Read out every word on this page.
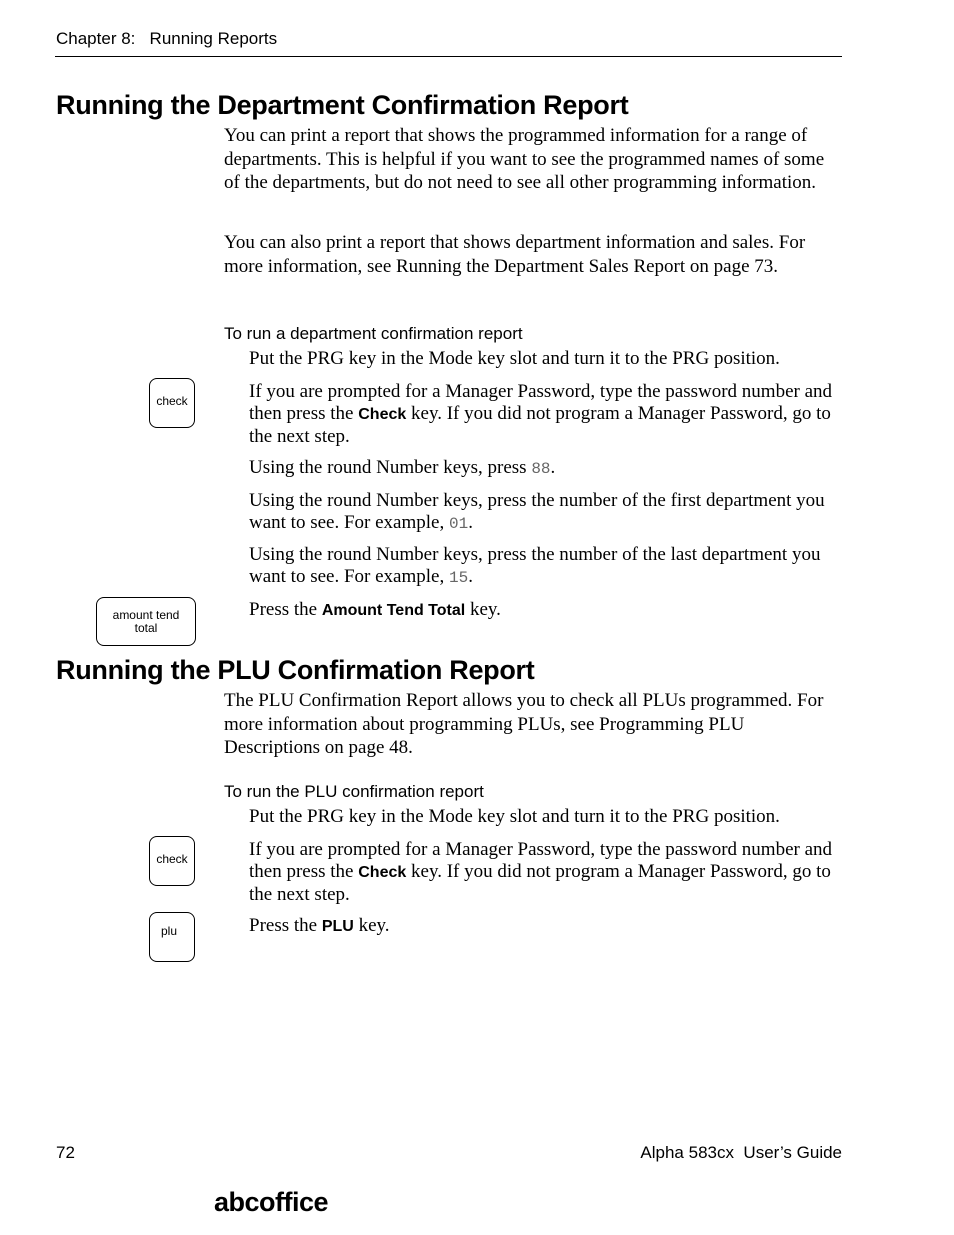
Chapter 8:   Running Reports
Running the Department Confirmation Report
You can print a report that shows the programmed information for a range of departments. This is helpful if you want to see the programmed names of some of the departments, but do not need to see all other programming information.
You can also print a report that shows department information and sales. For more information, see Running the Department Sales Report on page 73.
To run a department confirmation report
Put the PRG key in the Mode key slot and turn it to the PRG position.
check	If you are prompted for a Manager Password, type the password number and then press the Check key. If you did not program a Manager Password, go to the next step.
Using the round Number keys, press 88.
Using the round Number keys, press the number of the first department you want to see. For example, 01.
Using the round Number keys, press the number of the last department you want to see. For example, 15.
amount tend
total
Press the Amount Tend Total key.
Running the PLU Confirmation Report
The PLU Confirmation Report allows you to check all PLUs programmed. For more information about programming PLUs, see Programming PLU Descriptions on page 48.
To run the PLU confirmation report
Put the PRG key in the Mode key slot and turn it to the PRG position.
check	If you are prompted for a Manager Password, type the password number and then press the Check key. If you did not program a Manager Password, go to the next step.
plu	Press the PLU key.
72	Alpha 583cx  User’s Guide
abcoffice
